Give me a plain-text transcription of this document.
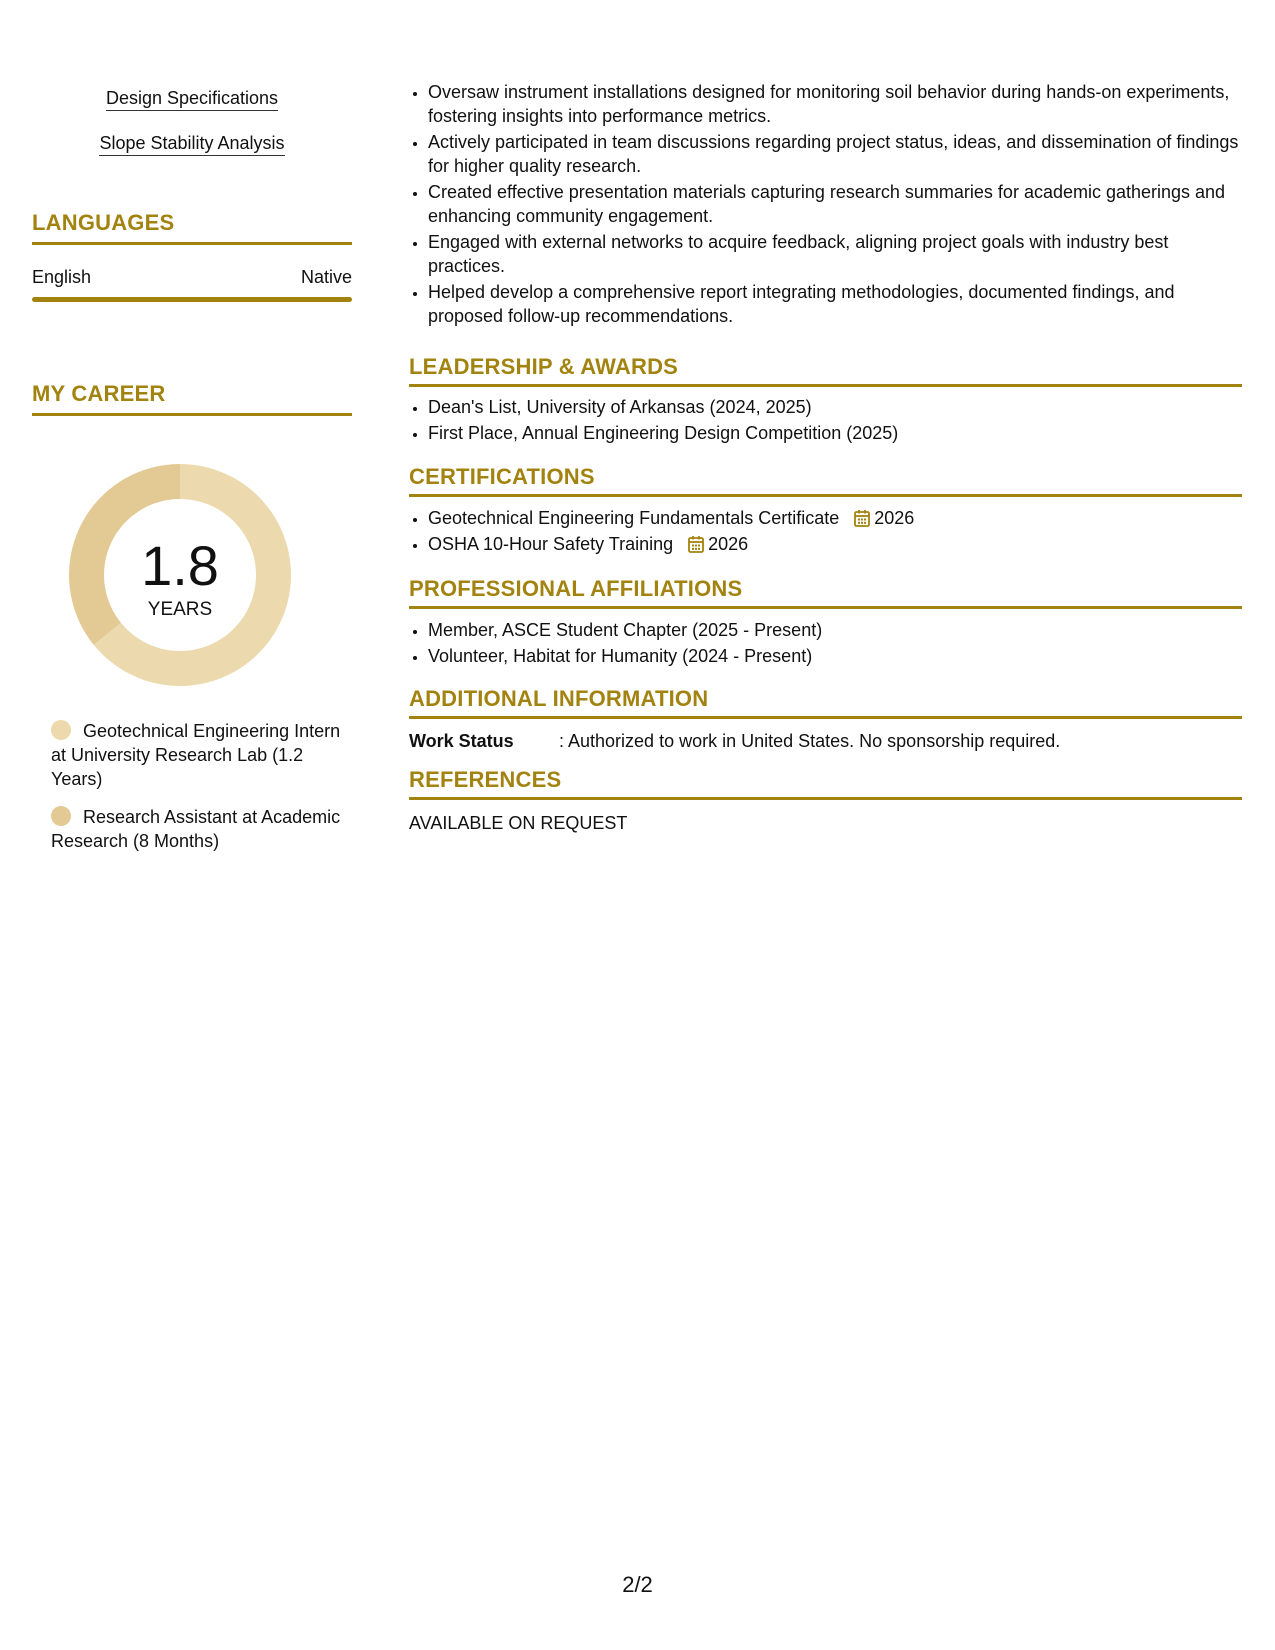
Design Specifications
Slope Stability Analysis
LANGUAGES
English	Native
MY CAREER
1.8
YEARS
Geotechnical Engineering Intern at University Research Lab (1.2 Years)
Research Assistant at Academic Research (8 Months)
• Oversaw instrument installations designed for monitoring soil behavior during hands-on experiments, fostering insights into performance metrics.
• Actively participated in team discussions regarding project status, ideas, and dissemination of findings for higher quality research.
• Created effective presentation materials capturing research summaries for academic gatherings and enhancing community engagement.
• Engaged with external networks to acquire feedback, aligning project goals with industry best practices.
• Helped develop a comprehensive report integrating methodologies, documented findings, and proposed follow-up recommendations.
LEADERSHIP & AWARDS
• Dean's List, University of Arkansas (2024, 2025)
• First Place, Annual Engineering Design Competition (2025)
CERTIFICATIONS
• Geotechnical Engineering Fundamentals Certificate 2026
• OSHA 10-Hour Safety Training 2026
PROFESSIONAL AFFILIATIONS
• Member, ASCE Student Chapter (2025 - Present)
• Volunteer, Habitat for Humanity (2024 - Present)
ADDITIONAL INFORMATION
Work Status	: Authorized to work in United States. No sponsorship required.
REFERENCES
AVAILABLE ON REQUEST
2/2
